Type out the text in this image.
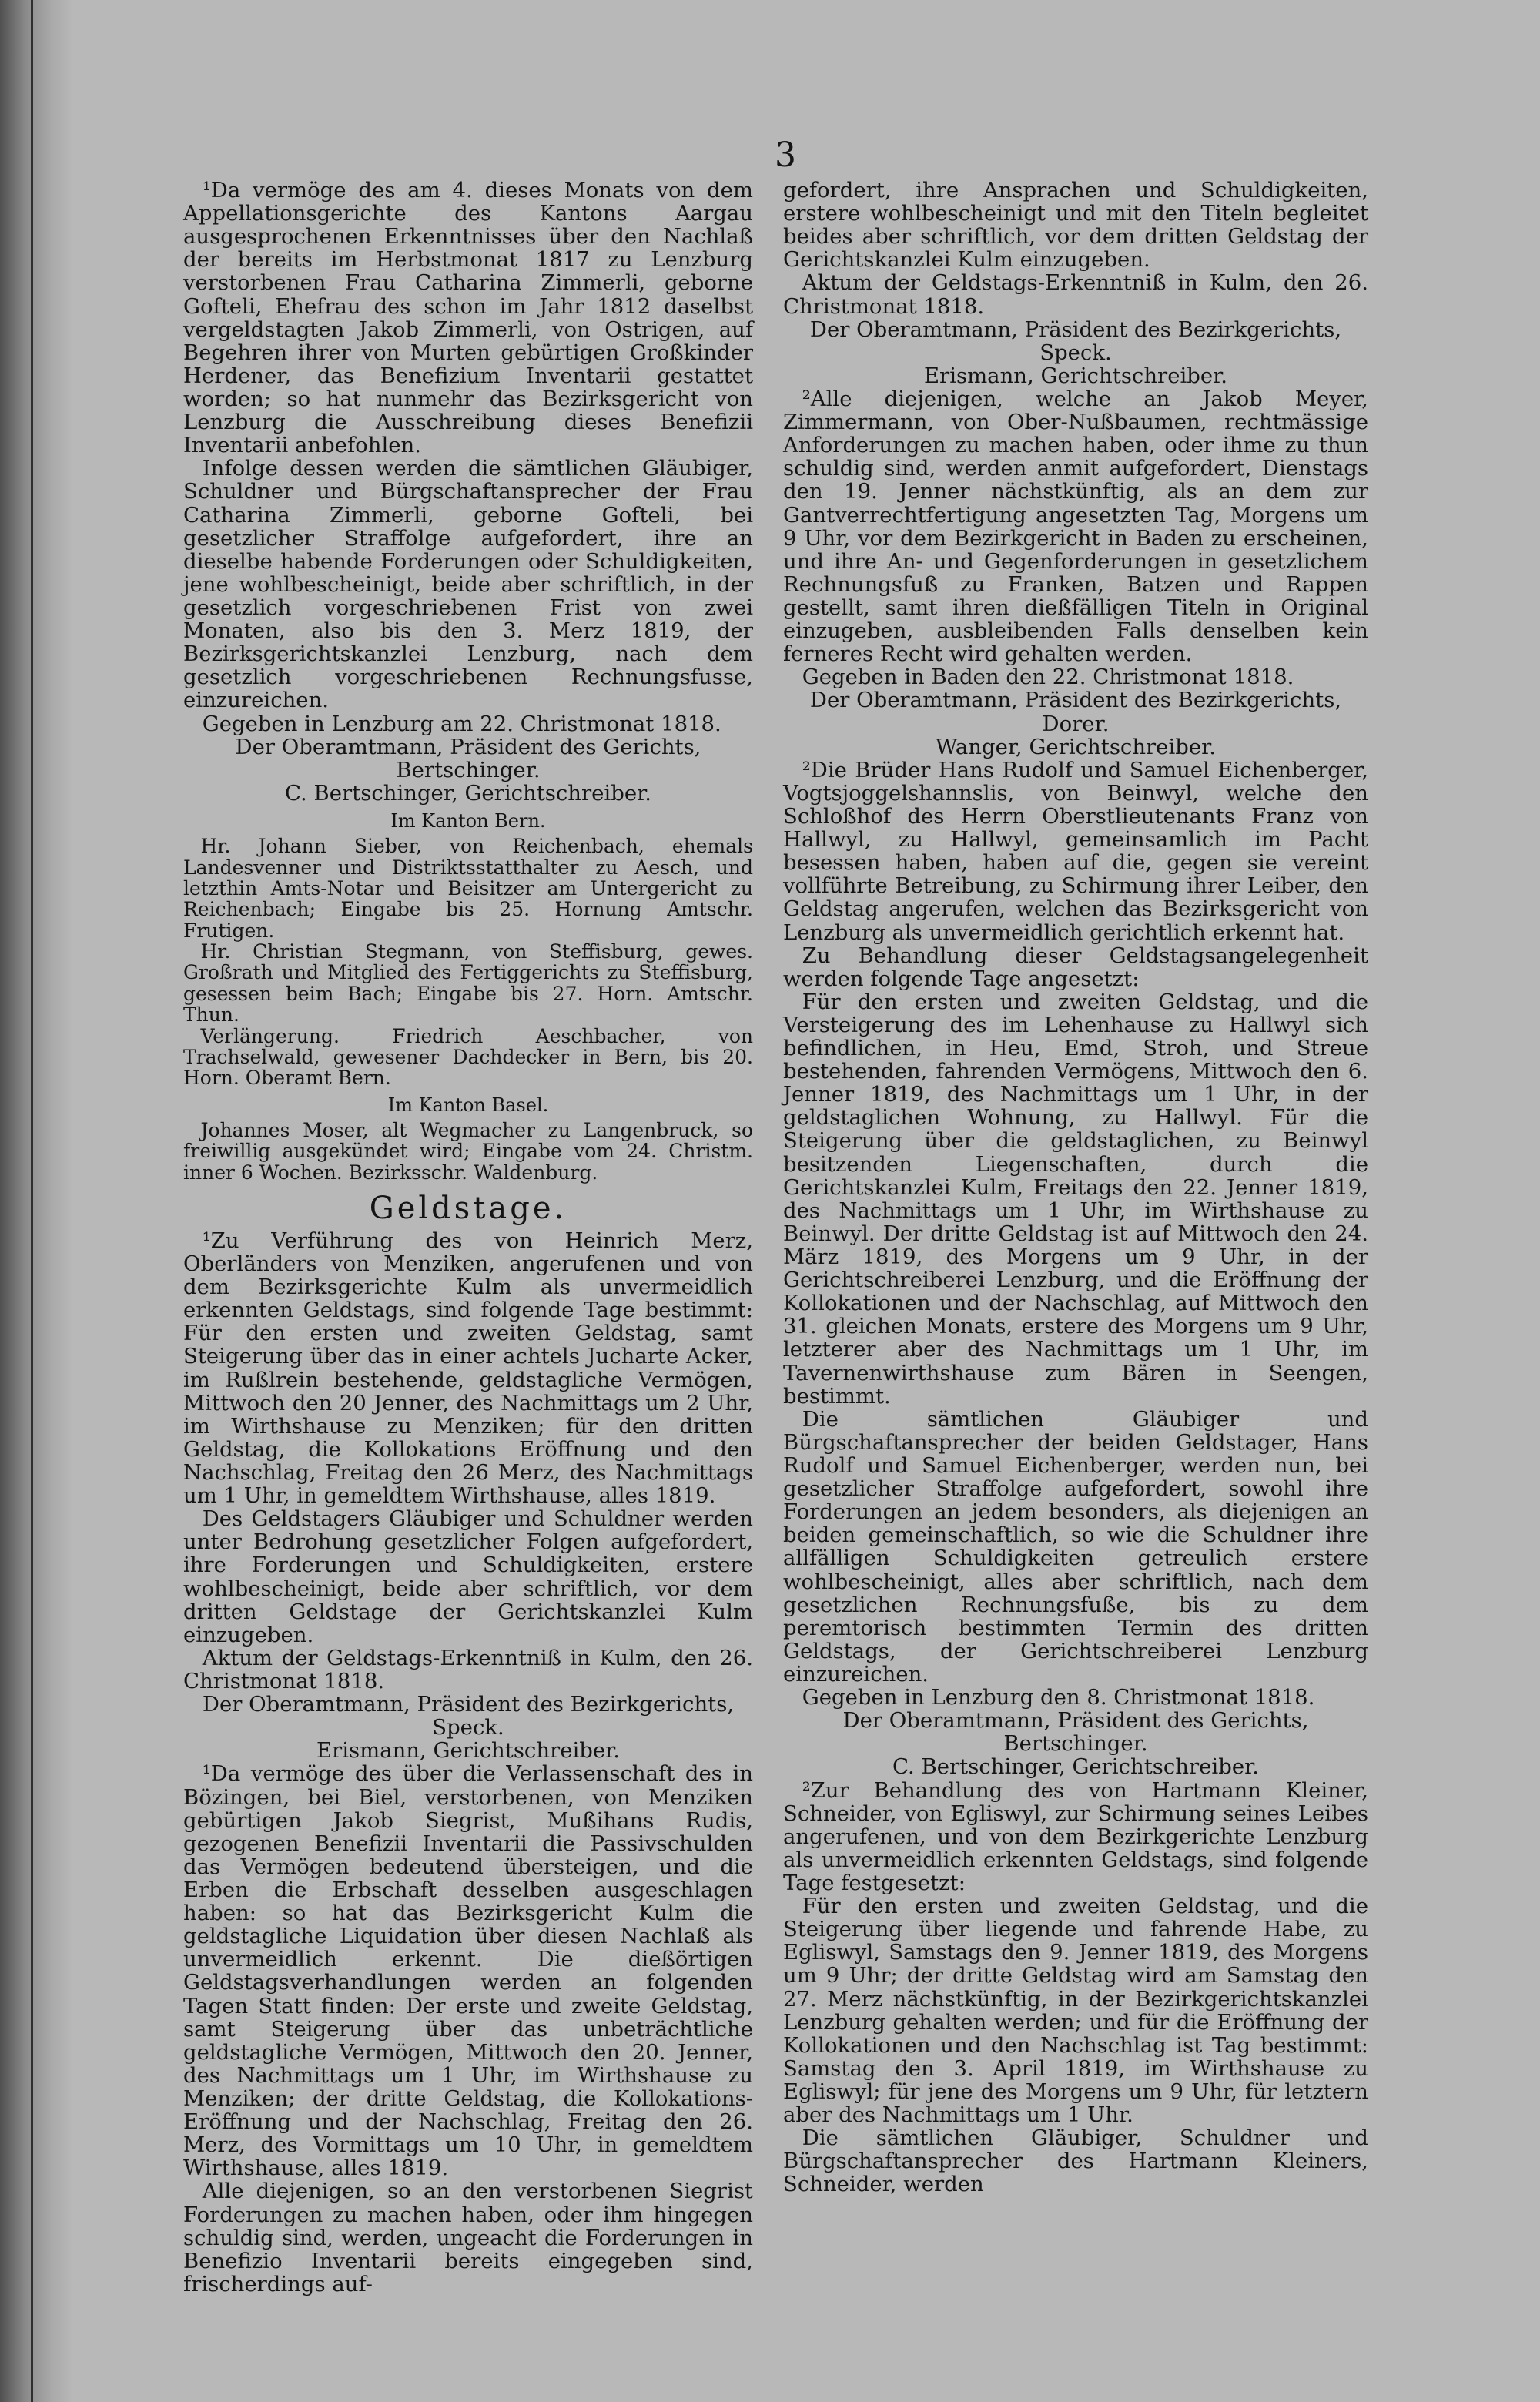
3

¹Da vermöge des am 4. dieses Monats von dem Appellationsgerichte des Kantons Aargau ausgesprochenen Erkenntnisses über den Nachlaß der bereits im Herbstmonat 1817 zu Lenzburg verstorbenen Frau Catharina Zimmerli, geborne Gofteli, Ehefrau des schon im Jahr 1812 daselbst vergeldstagten Jakob Zimmerli, von Ostrigen, auf Begehren ihrer von Murten gebürtigen Großkinder Herdener, das Benefizium Inventarii gestattet worden; so hat nunmehr das Bezirksgericht von Lenzburg die Ausschreibung dieses Benefizii Inventarii anbefohlen.

Infolge dessen werden die sämtlichen Gläubiger, Schuldner und Bürgschaftansprecher der Frau Catharina Zimmerli, geborne Gofteli, bei gesetzlicher Straffolge aufgefordert, ihre an dieselbe habende Forderungen oder Schuldigkeiten, jene wohlbescheinigt, beide aber schriftlich, in der gesetzlich vorgeschriebenen Frist von zwei Monaten, also bis den 3. Merz 1819, der Bezirksgerichtskanzlei Lenzburg, nach dem gesetzlich vorgeschriebenen Rechnungsfusse, einzureichen.

Gegeben in Lenzburg am 22. Christmonat 1818.

Der Oberamtmann, Präsident des Gerichts,

Bertschinger.

C. Bertschinger, Gerichtschreiber.

Im Kanton Bern.

Hr. Johann Sieber, von Reichenbach, ehemals Landesvenner und Distriktsstatthalter zu Aesch, und letzthin Amts-Notar und Beisitzer am Untergericht zu Reichenbach; Eingabe bis 25. Hornung Amtschr. Frutigen.

Hr. Christian Stegmann, von Steffisburg, gewes. Großrath und Mitglied des Fertiggerichts zu Steffisburg, gesessen beim Bach; Eingabe bis 27. Horn. Amtschr. Thun.

Verlängerung. Friedrich Aeschbacher, von Trachselwald, gewesener Dachdecker in Bern, bis 20. Horn. Oberamt Bern.

Im Kanton Basel.

Johannes Moser, alt Wegmacher zu Langenbruck, so freiwillig ausgekündet wird; Eingabe vom 24. Christm. inner 6 Wochen. Bezirksschr. Waldenburg.

Geldstage.

¹Zu Verführung des von Heinrich Merz, Oberländers von Menziken, angerufenen und von dem Bezirksgerichte Kulm als unvermeidlich erkennten Geldstags, sind folgende Tage bestimmt: Für den ersten und zweiten Geldstag, samt Steigerung über das in einer achtels Jucharte Acker, im Rußlrein bestehende, geldstagliche Vermögen, Mittwoch den 20 Jenner, des Nachmittags um 2 Uhr, im Wirthshause zu Menziken; für den dritten Geldstag, die Kollokations Eröffnung und den Nachschlag, Freitag den 26 Merz, des Nachmittags um 1 Uhr, in gemeldtem Wirthshause, alles 1819.

Des Geldstagers Gläubiger und Schuldner werden unter Bedrohung gesetzlicher Folgen aufgefordert, ihre Forderungen und Schuldigkeiten, erstere wohlbescheinigt, beide aber schriftlich, vor dem dritten Geldstage der Gerichtskanzlei Kulm einzugeben.

Aktum der Geldstags-Erkenntniß in Kulm, den 26. Christmonat 1818.

Der Oberamtmann, Präsident des Bezirkgerichts,

Speck.

Erismann, Gerichtschreiber.

¹Da vermöge des über die Verlassenschaft des in Bözingen, bei Biel, verstorbenen, von Menziken gebürtigen Jakob Siegrist, Mußihans Rudis, gezogenen Benefizii Inventarii die Passivschulden das Vermögen bedeutend übersteigen, und die Erben die Erbschaft desselben ausgeschlagen haben: so hat das Bezirksgericht Kulm die geldstagliche Liquidation über diesen Nachlaß als unvermeidlich erkennt. Die dießörtigen Geldstagsverhandlungen werden an folgenden Tagen Statt finden: Der erste und zweite Geldstag, samt Steigerung über das unbeträchtliche geldstagliche Vermögen, Mittwoch den 20. Jenner, des Nachmittags um 1 Uhr, im Wirthshause zu Menziken; der dritte Geldstag, die Kollokations-Eröffnung und der Nachschlag, Freitag den 26. Merz, des Vormittags um 10 Uhr, in gemeldtem Wirthshause, alles 1819.

Alle diejenigen, so an den verstorbenen Siegrist Forderungen zu machen haben, oder ihm hingegen schuldig sind, werden, ungeacht die Forderungen in Benefizio Inventarii bereits eingegeben sind, frischerdings auf-

gefordert, ihre Ansprachen und Schuldigkeiten, erstere wohlbescheinigt und mit den Titeln begleitet beides aber schriftlich, vor dem dritten Geldstag der Gerichtskanzlei Kulm einzugeben.

Aktum der Geldstags-Erkenntniß in Kulm, den 26. Christmonat 1818.

Der Oberamtmann, Präsident des Bezirkgerichts,

Speck.

Erismann, Gerichtschreiber.

²Alle diejenigen, welche an Jakob Meyer, Zimmermann, von Ober-Nußbaumen, rechtmässige Anforderungen zu machen haben, oder ihme zu thun schuldig sind, werden anmit aufgefordert, Dienstags den 19. Jenner nächstkünftig, als an dem zur Gantverrechtfertigung angesetzten Tag, Morgens um 9 Uhr, vor dem Bezirkgericht in Baden zu erscheinen, und ihre An- und Gegenforderungen in gesetzlichem Rechnungsfuß zu Franken, Batzen und Rappen gestellt, samt ihren dießfälligen Titeln in Original einzugeben, ausbleibenden Falls denselben kein ferneres Recht wird gehalten werden.

Gegeben in Baden den 22. Christmonat 1818.

Der Oberamtmann, Präsident des Bezirkgerichts,

Dorer.

Wanger, Gerichtschreiber.

²Die Brüder Hans Rudolf und Samuel Eichenberger, Vogtsjoggelshannslis, von Beinwyl, welche den Schloßhof des Herrn Oberstlieutenants Franz von Hallwyl, zu Hallwyl, gemeinsamlich im Pacht besessen haben, haben auf die, gegen sie vereint vollführte Betreibung, zu Schirmung ihrer Leiber, den Geldstag angerufen, welchen das Bezirksgericht von Lenzburg als unvermeidlich gerichtlich erkennt hat.

Zu Behandlung dieser Geldstagsangelegenheit werden folgende Tage angesetzt:

Für den ersten und zweiten Geldstag, und die Versteigerung des im Lehenhause zu Hallwyl sich befindlichen, in Heu, Emd, Stroh, und Streue bestehenden, fahrenden Vermögens, Mittwoch den 6. Jenner 1819, des Nachmittags um 1 Uhr, in der geldstaglichen Wohnung, zu Hallwyl. Für die Steigerung über die geldstaglichen, zu Beinwyl besitzenden Liegenschaften, durch die Gerichtskanzlei Kulm, Freitags den 22. Jenner 1819, des Nachmittags um 1 Uhr, im Wirthshause zu Beinwyl. Der dritte Geldstag ist auf Mittwoch den 24. März 1819, des Morgens um 9 Uhr, in der Gerichtschreiberei Lenzburg, und die Eröffnung der Kollokationen und der Nachschlag, auf Mittwoch den 31. gleichen Monats, erstere des Morgens um 9 Uhr, letzterer aber des Nachmittags um 1 Uhr, im Tavernenwirthshause zum Bären in Seengen, bestimmt.

Die sämtlichen Gläubiger und Bürgschaftansprecher der beiden Geldstager, Hans Rudolf und Samuel Eichenberger, werden nun, bei gesetzlicher Straffolge aufgefordert, sowohl ihre Forderungen an jedem besonders, als diejenigen an beiden gemeinschaftlich, so wie die Schuldner ihre allfälligen Schuldigkeiten getreulich erstere wohlbescheinigt, alles aber schriftlich, nach dem gesetzlichen Rechnungsfuße, bis zu dem peremtorisch bestimmten Termin des dritten Geldstags, der Gerichtschreiberei Lenzburg einzureichen.

Gegeben in Lenzburg den 8. Christmonat 1818.

Der Oberamtmann, Präsident des Gerichts,

Bertschinger.

C. Bertschinger, Gerichtschreiber.

²Zur Behandlung des von Hartmann Kleiner, Schneider, von Egliswyl, zur Schirmung seines Leibes angerufenen, und von dem Bezirkgerichte Lenzburg als unvermeidlich erkennten Geldstags, sind folgende Tage festgesetzt:

Für den ersten und zweiten Geldstag, und die Steigerung über liegende und fahrende Habe, zu Egliswyl, Samstags den 9. Jenner 1819, des Morgens um 9 Uhr; der dritte Geldstag wird am Samstag den 27. Merz nächstkünftig, in der Bezirkgerichtskanzlei Lenzburg gehalten werden; und für die Eröffnung der Kollokationen und den Nachschlag ist Tag bestimmt: Samstag den 3. April 1819, im Wirthshause zu Egliswyl; für jene des Morgens um 9 Uhr, für letztern aber des Nachmittags um 1 Uhr.

Die sämtlichen Gläubiger, Schuldner und Bürgschaftansprecher des Hartmann Kleiners, Schneider, werden
